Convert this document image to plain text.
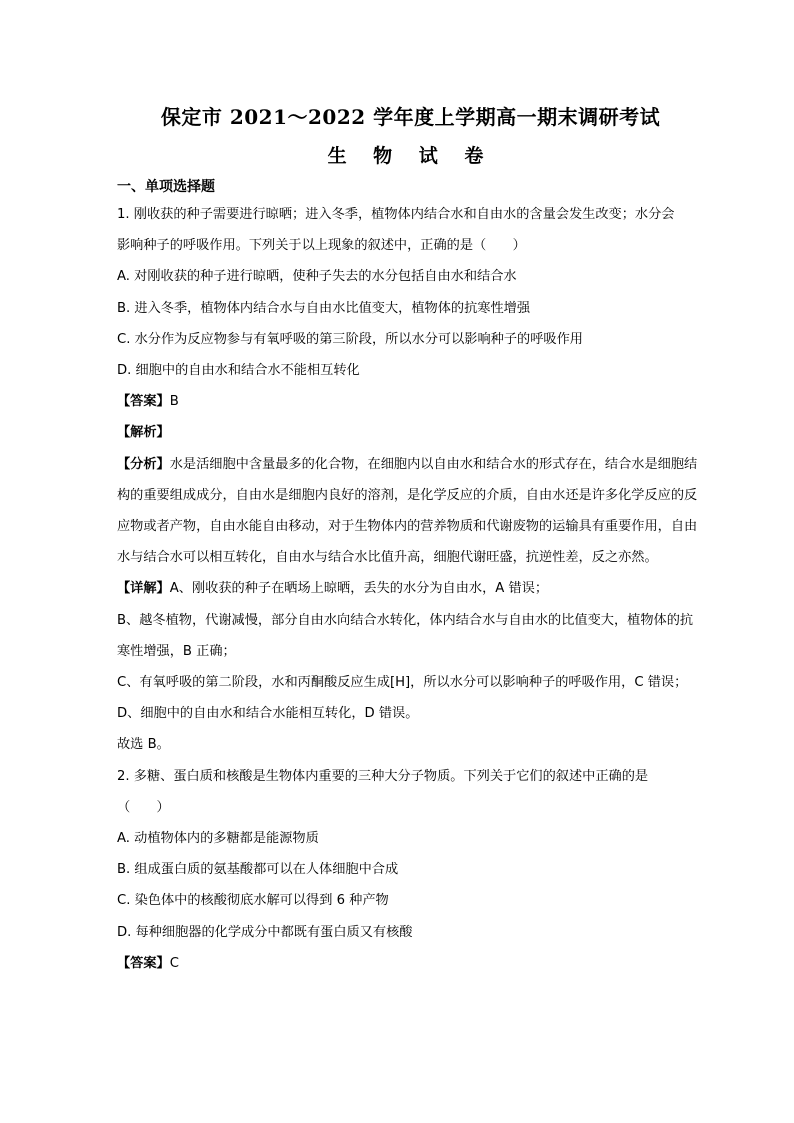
保定市 2021～2022 学年度上学期高一期末调研考试
生 物 试 卷
一、单项选择题
1. 刚收获的种子需要进行晾晒；进入冬季，植物体内结合水和自由水的含量会发生改变；水分会
影响种子的呼吸作用。下列关于以上现象的叙述中，正确的是（　　）
A. 对刚收获的种子进行晾晒，使种子失去的水分包括自由水和结合水
B. 进入冬季，植物体内结合水与自由水比值变大，植物体的抗寒性增强
C. 水分作为反应物参与有氧呼吸的第三阶段，所以水分可以影响种子的呼吸作用
D. 细胞中的自由水和结合水不能相互转化
【答案】B
【解析】

【分析】水是活细胞中含量最多的化合物，在细胞内以自由水和结合水的形式存在，结合水是细胞结构的重要组成成分，自由水是细胞内良好的溶剂，是化学反应的介质，自由水还是许多化学反应的反应物或者产物，自由水能自由移动，对于生物体内的营养物质和代谢废物的运输具有重要作用，自由水与结合水可以相互转化，自由水与结合水比值升高，细胞代谢旺盛，抗逆性差，反之亦然。

【详解】A、刚收获的种子在晒场上晾晒，丢失的水分为自由水，A 错误；

B、越冬植物，代谢减慢，部分自由水向结合水转化，体内结合水与自由水的比值变大，植物体的抗寒性增强，B 正确；

C、有氧呼吸的第二阶段，水和丙酮酸反应生成[H]，所以水分可以影响种子的呼吸作用，C 错误；
D、细胞中的自由水和结合水能相互转化，D 错误。
故选 B。
2. 多糖、蛋白质和核酸是生物体内重要的三种大分子物质。下列关于它们的叙述中正确的是
（　　）
A. 动植物体内的多糖都是能源物质
B. 组成蛋白质的氨基酸都可以在人体细胞中合成
C. 染色体中的核酸彻底水解可以得到 6 种产物
D. 每种细胞器的化学成分中都既有蛋白质又有核酸
【答案】C
